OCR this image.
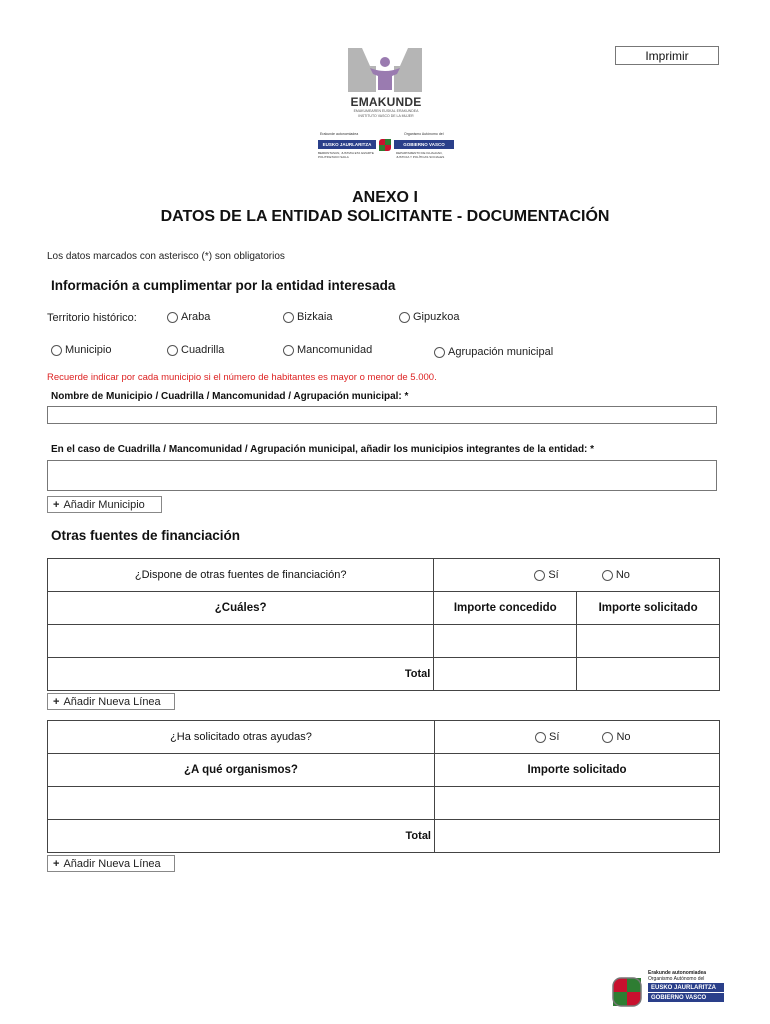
Imprimir
EMAKUNDE
EMAKUMEAREN EUSKAL ERAKUNDEA
INSTITUTO VASCO DE LA MUJER
Erakunde autonomiadea	Organismo Autónomo del
EUSKO JAURLARITZA	GOBIERNO VASCO
BERDINTASUN, JUSTIZIA ETA GIZARTE POLITIKETAKO SAILA
DEPARTAMENTO DE IGUALDAD, JUSTICIA Y POLÍTICAS SOCIALES
ANEXO I
DATOS DE LA ENTIDAD SOLICITANTE - DOCUMENTACIÓN
Los datos marcados con asterisco (*) son obligatorios
Información a cumplimentar por la entidad interesada
Territorio histórico:	Araba	Bizkaia	Gipuzkoa
Municipio	Cuadrilla	Mancomunidad	Agrupación municipal
Recuerde indicar por cada municipio si el número de habitantes es mayor o menor de 5.000.
Nombre de Municipio / Cuadrilla / Mancomunidad / Agrupación municipal: *
En el caso de Cuadrilla / Mancomunidad / Agrupación municipal, añadir los municipios integrantes de la entidad: *
+ Añadir Municipio
Otras fuentes de financiación
¿Dispone de otras fuentes de financiación?	Sí No	
¿Cuáles?	Importe concedido	Importe solicitado

Total		
+ Añadir Nueva Línea
¿Ha solicitado otras ayudas?	Sí No
¿A qué organismos?	Importe solicitado

Total	
+ Añadir Nueva Línea
Erakunde autonomiadea
Organismo Autónomo del
EUSKO JAURLARITZA
GOBIERNO VASCO
